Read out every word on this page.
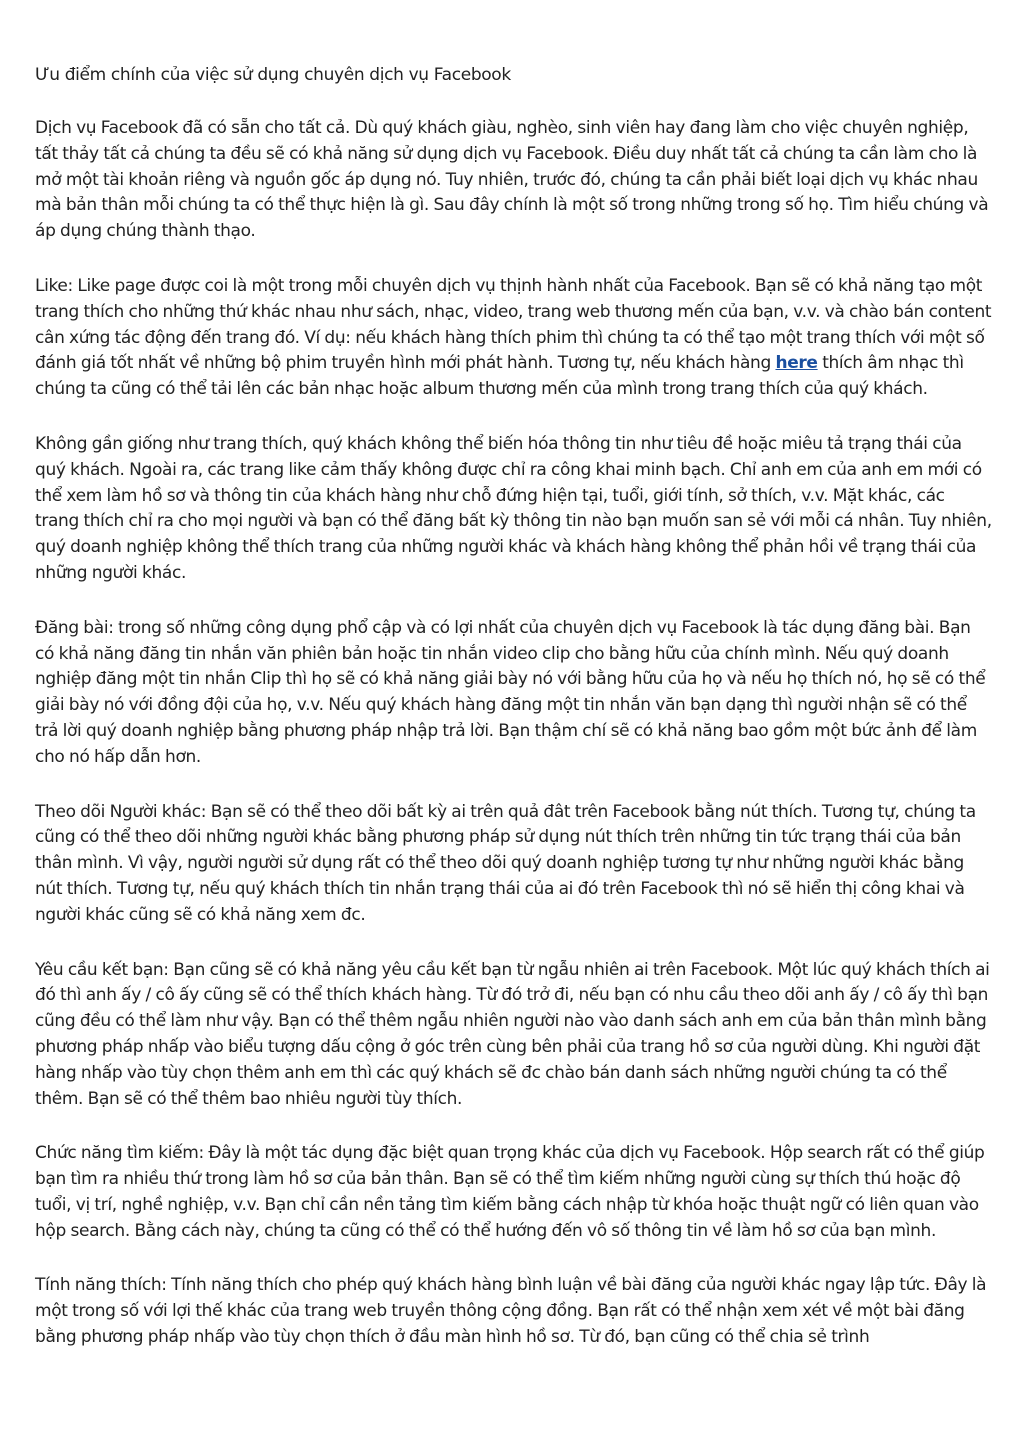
Ưu điểm chính của việc sử dụng chuyên dịch vụ Facebook

Dịch vụ Facebook đã có sẵn cho tất cả. Dù quý khách giàu, nghèo, sinh viên hay đang làm cho việc chuyên nghiệp, tất thảy tất cả chúng ta đều sẽ có khả năng sử dụng dịch vụ Facebook. Điều duy nhất tất cả chúng ta cần làm cho là mở một tài khoản riêng và nguồn gốc áp dụng nó. Tuy nhiên, trước đó, chúng ta cần phải biết loại dịch vụ khác nhau mà bản thân mỗi chúng ta có thể thực hiện là gì. Sau đây chính là một số trong những trong số họ. Tìm hiểu chúng và áp dụng chúng thành thạo.

Like: Like page được coi là một trong mỗi chuyên dịch vụ thịnh hành nhất của Facebook. Bạn sẽ có khả năng tạo một trang thích cho những thứ khác nhau như sách, nhạc, video, trang web thương mến của bạn, v.v. và chào bán content cân xứng tác động đến trang đó. Ví dụ: nếu khách hàng thích phim thì chúng ta có thể tạo một trang thích với một số đánh giá tốt nhất về những bộ phim truyền hình mới phát hành. Tương tự, nếu khách hàng here thích âm nhạc thì chúng ta cũng có thể tải lên các bản nhạc hoặc album thương mến của mình trong trang thích của quý khách.

Không gần giống như trang thích, quý khách không thể biến hóa thông tin như tiêu đề hoặc miêu tả trạng thái của quý khách. Ngoài ra, các trang like cảm thấy không được chỉ ra công khai minh bạch. Chỉ anh em của anh em mới có thể xem làm hồ sơ và thông tin của khách hàng như chỗ đứng hiện tại, tuổi, giới tính, sở thích, v.v. Mặt khác, các trang thích chỉ ra cho mọi người và bạn có thể đăng bất kỳ thông tin nào bạn muốn san sẻ với mỗi cá nhân. Tuy nhiên, quý doanh nghiệp không thể thích trang của những người khác và khách hàng không thể phản hồi về trạng thái của những người khác.

Đăng bài: trong số những công dụng phổ cập và có lợi nhất của chuyên dịch vụ Facebook là tác dụng đăng bài. Bạn có khả năng đăng tin nhắn văn phiên bản hoặc tin nhắn video clip cho bằng hữu của chính mình. Nếu quý doanh nghiệp đăng một tin nhắn Clip thì họ sẽ có khả năng giải bày nó với bằng hữu của họ và nếu họ thích nó, họ sẽ có thể giải bày nó với đồng đội của họ, v.v. Nếu quý khách hàng đăng một tin nhắn văn bạn dạng thì người nhận sẽ có thể trả lời quý doanh nghiệp bằng phương pháp nhập trả lời. Bạn thậm chí sẽ có khả năng bao gồm một bức ảnh để làm cho nó hấp dẫn hơn.

Theo dõi Người khác: Bạn sẽ có thể theo dõi bất kỳ ai trên quả đât trên Facebook bằng nút thích. Tương tự, chúng ta cũng có thể theo dõi những người khác bằng phương pháp sử dụng nút thích trên những tin tức trạng thái của bản thân mình. Vì vậy, người người sử dụng rất có thể theo dõi quý doanh nghiệp tương tự như những người khác bằng nút thích. Tương tự, nếu quý khách thích tin nhắn trạng thái của ai đó trên Facebook thì nó sẽ hiển thị công khai và người khác cũng sẽ có khả năng xem đc.

Yêu cầu kết bạn: Bạn cũng sẽ có khả năng yêu cầu kết bạn từ ngẫu nhiên ai trên Facebook. Một lúc quý khách thích ai đó thì anh ấy / cô ấy cũng sẽ có thể thích khách hàng. Từ đó trở đi, nếu bạn có nhu cầu theo dõi anh ấy / cô ấy thì bạn cũng đều có thể làm như vậy. Bạn có thể thêm ngẫu nhiên người nào vào danh sách anh em của bản thân mình bằng phương pháp nhấp vào biểu tượng dấu cộng ở góc trên cùng bên phải của trang hồ sơ của người dùng. Khi người đặt hàng nhấp vào tùy chọn thêm anh em thì các quý khách sẽ đc chào bán danh sách những người chúng ta có thể thêm. Bạn sẽ có thể thêm bao nhiêu người tùy thích.

Chức năng tìm kiếm: Đây là một tác dụng đặc biệt quan trọng khác của dịch vụ Facebook. Hộp search rất có thể giúp bạn tìm ra nhiều thứ trong làm hồ sơ của bản thân. Bạn sẽ có thể tìm kiếm những người cùng sự thích thú hoặc độ tuổi, vị trí, nghề nghiệp, v.v. Bạn chỉ cần nền tảng tìm kiếm bằng cách nhập từ khóa hoặc thuật ngữ có liên quan vào hộp search. Bằng cách này, chúng ta cũng có thể có thể hướng đến vô số thông tin về làm hồ sơ của bạn mình.

Tính năng thích: Tính năng thích cho phép quý khách hàng bình luận về bài đăng của người khác ngay lập tức. Đây là một trong số với lợi thế khác của trang web truyền thông cộng đồng. Bạn rất có thể nhận xem xét về một bài đăng bằng phương pháp nhấp vào tùy chọn thích ở đầu màn hình hồ sơ. Từ đó, bạn cũng có thể chia sẻ trình
